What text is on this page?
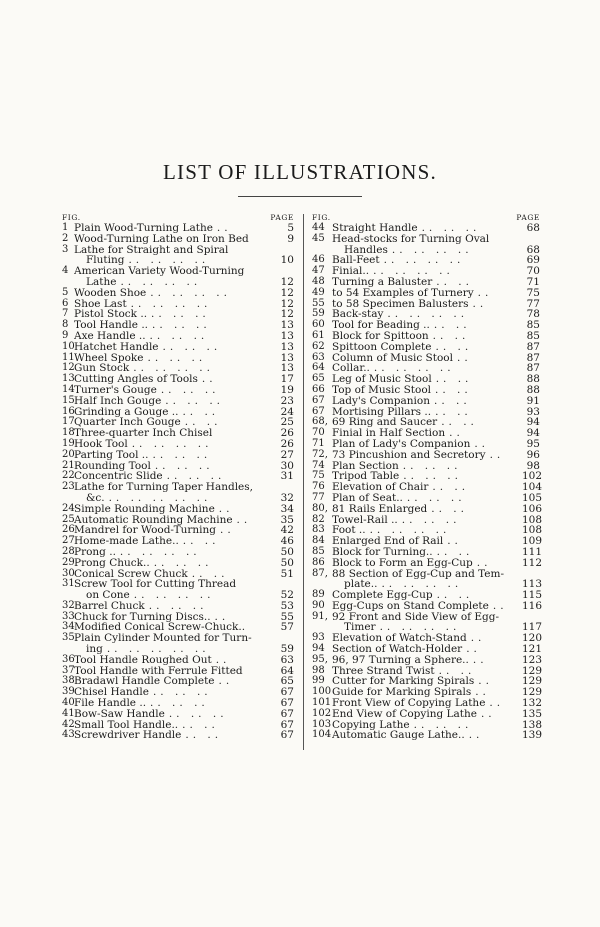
LIST OF ILLUSTRATIONS.
FIG.	PAGE
1 Plain Wood-Turning Lathe ..	5
2 Wood-Turning Lathe on Iron Bed	9
3 Lathe for Straight and Spiral
Fluting .. .. .. ..	10
4 American Variety Wood-Turning
Lathe .. .. .. ..	12
5 Wooden Shoe .. .. .. ..	12
6 Shoe Last .. .. .. ..	12
7 Pistol Stock .. .. .. ..	12
8 Tool Handle .. .. .. ..	13
9 Axe Handle .. .. .. ..	13
10 Hatchet Handle .. .. ..	13
11 Wheel Spoke .. .. ..	13
12 Gun Stock .. .. .. ..	13
13 Cutting Angles of Tools ..	17
14 Turner's Gouge .. .. ..	19
15 Half Inch Gouge .. .. ..	23
16 Grinding a Gouge .. .. ..	24
17 Quarter Inch Gouge .. ..	25
18 Three-quarter Inch Chisel	26
19 Hook Tool .. .. .. ..	26
20 Parting Tool .. .. .. ..	27
21 Rounding Tool .. .. ..	30
22 Concentric Slide .. .. ..	31
23 Lathe for Turning Taper Handles,
&c. .. .. .. .. ..	32
24 Simple Rounding Machine ..	34
25 Automatic Rounding Machine ..	35
26 Mandrel for Wood-Turning ..	42
27 Home-made Lathe.. .. ..	46
28 Prong .. .. .. .. ..	50
29 Prong Chuck.. .. .. ..	50
30 Conical Screw Chuck .. ..	51
31 Screw Tool for Cutting Thread
on Cone .. .. .. ..	52
32 Barrel Chuck .. .. ..	53
33 Chuck for Turning Discs.. ..	55
34 Modified Conical Screw-Chuck..	57
35 Plain Cylinder Mounted for Turn-
ing .. .. .. .. ..	59
36 Tool Handle Roughed Out ..	63
37 Tool Handle with Ferrule Fitted	64
38 Bradawl Handle Complete ..	65
39 Chisel Handle .. .. ..	67
40 File Handle .. .. .. ..	67
41 Bow-Saw Handle .. .. ..	67
42 Small Tool Handle.. .. ..	67
43 Screwdriver Handle .. ..	67
FIG.	PAGE
44 Straight Handle .. .. ..	68
45 Head-stocks for Turning Oval
Handles .. .. .. ..	68
46 Ball-Feet .. .. .. ..	69
47 Finial.. .. .. .. ..	70
48 Turning a Baluster .. ..	71
49 to 54 Examples of Turnery ..	75
55 to 58 Specimen Balusters ..	77
59 Back-stay .. .. .. ..	78
60 Tool for Beading .. .. ..	85
61 Block for Spittoon .. ..	85
62 Spittoon Complete .. ..	87
63 Column of Music Stool ..	87
64 Collar.. .. .. .. ..	87
65 Leg of Music Stool .. ..	88
66 Top of Music Stool .. ..	88
67 Lady's Companion .. ..	91
67 Mortising Pillars .. .. ..	93
68, 69 Ring and Saucer .. ..	94
70 Finial in Half Section ..	94
71 Plan of Lady's Companion ..	95
72, 73 Pincushion and Secretory ..	96
74 Plan Section .. .. ..	98
75 Tripod Table .. .. ..	102
76 Elevation of Chair .. ..	104
77 Plan of Seat.. .. .. ..	105
80, 81 Rails Enlarged .. ..	106
82 Towel-Rail .. .. .. ..	108
83 Foot .. .. .. .. ..	108
84 Enlarged End of Rail ..	109
85 Block for Turning.. .. ..	111
86 Block to Form an Egg-Cup ..	112
87, 88 Section of Egg-Cup and Tem-
plate.. .. .. .. ..	113
89 Complete Egg-Cup .. ..	115
90 Egg-Cups on Stand Complete ..	116
91, 92 Front and Side View of Egg-
Timer .. .. .. ..	117
93 Elevation of Watch-Stand ..	120
94 Section of Watch-Holder ..	121
95, 96, 97 Turning a Sphere.. ..	123
98 Three Strand Twist .. ..	129
99 Cutter for Marking Spirals ..	129
100 Guide for Marking Spirals ..	129
101 Front View of Copying Lathe ..	132
102 End View of Copying Lathe ..	135
103 Copying Lathe .. .. ..	138
104 Automatic Gauge Lathe.. ..	139
